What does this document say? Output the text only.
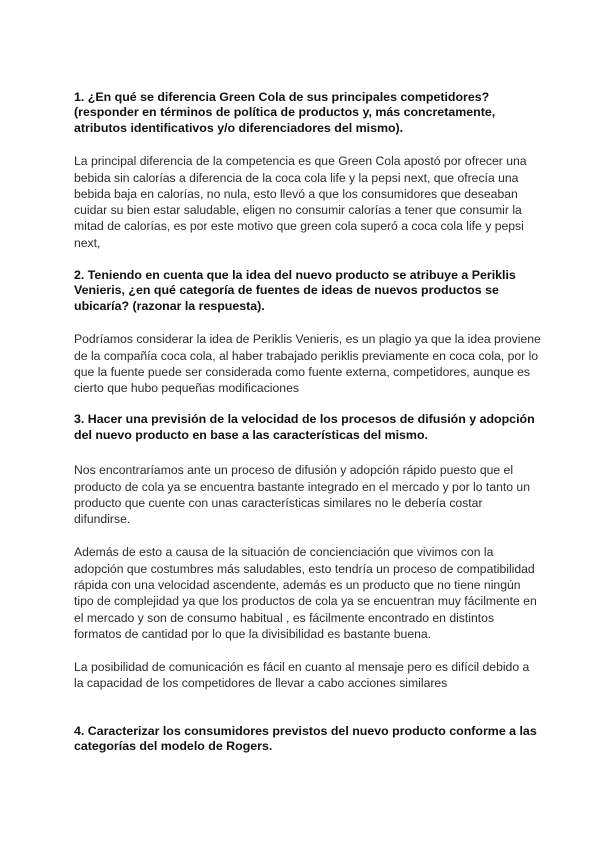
1. ¿En qué se diferencia Green Cola de sus principales competidores? (responder en términos de política de productos y, más concretamente, atributos identificativos y/o diferenciadores del mismo).

La principal diferencia de la competencia es que Green Cola apostó por ofrecer una bebida sin calorías a diferencia de la coca cola life y la pepsi next, que ofrecía una bebida baja en calorías, no nula, esto llevó a que los consumidores que deseaban cuidar su bien estar saludable, eligen no consumir calorías a tener que consumir la mitad de calorías, es por este motivo que green cola superó a coca cola life y pepsi next,

2. Teniendo en cuenta que la idea del nuevo producto se atribuye a Periklis Venieris, ¿en qué categoría de fuentes de ideas de nuevos productos se ubicaría? (razonar la respuesta).

Podríamos considerar la idea de Periklis Venieris, es un plagio ya que la idea proviene de la compañía coca cola, al haber trabajado periklis previamente en coca cola, por lo que la fuente puede ser considerada como fuente externa, competidores, aunque es cierto que hubo pequeñas modificaciones

3. Hacer una previsión de la velocidad de los procesos de difusión y adopción del nuevo producto en base a las características del mismo.

Nos encontraríamos ante un proceso de difusión y adopción rápido puesto que el producto de cola ya se encuentra bastante integrado en el mercado y por lo tanto un producto que cuente con unas características similares no le debería costar difundirse.

Además de esto a causa de la situación de concienciación que vivimos con la adopción que costumbres más saludables, esto tendría un proceso de compatibilidad rápida con una velocidad ascendente, además es un producto que no tiene ningún tipo de complejidad ya que los productos de cola ya se encuentran muy fácilmente en el mercado y son de consumo habitual , es fácilmente encontrado en distintos formatos de cantidad por lo que la divisibilidad es bastante buena.

La posibilidad de comunicación es fácil en cuanto al mensaje pero es difícil debido a la capacidad de los competidores de llevar a cabo acciones similares

4. Caracterizar los consumidores previstos del nuevo producto conforme a las categorías del modelo de Rogers.
